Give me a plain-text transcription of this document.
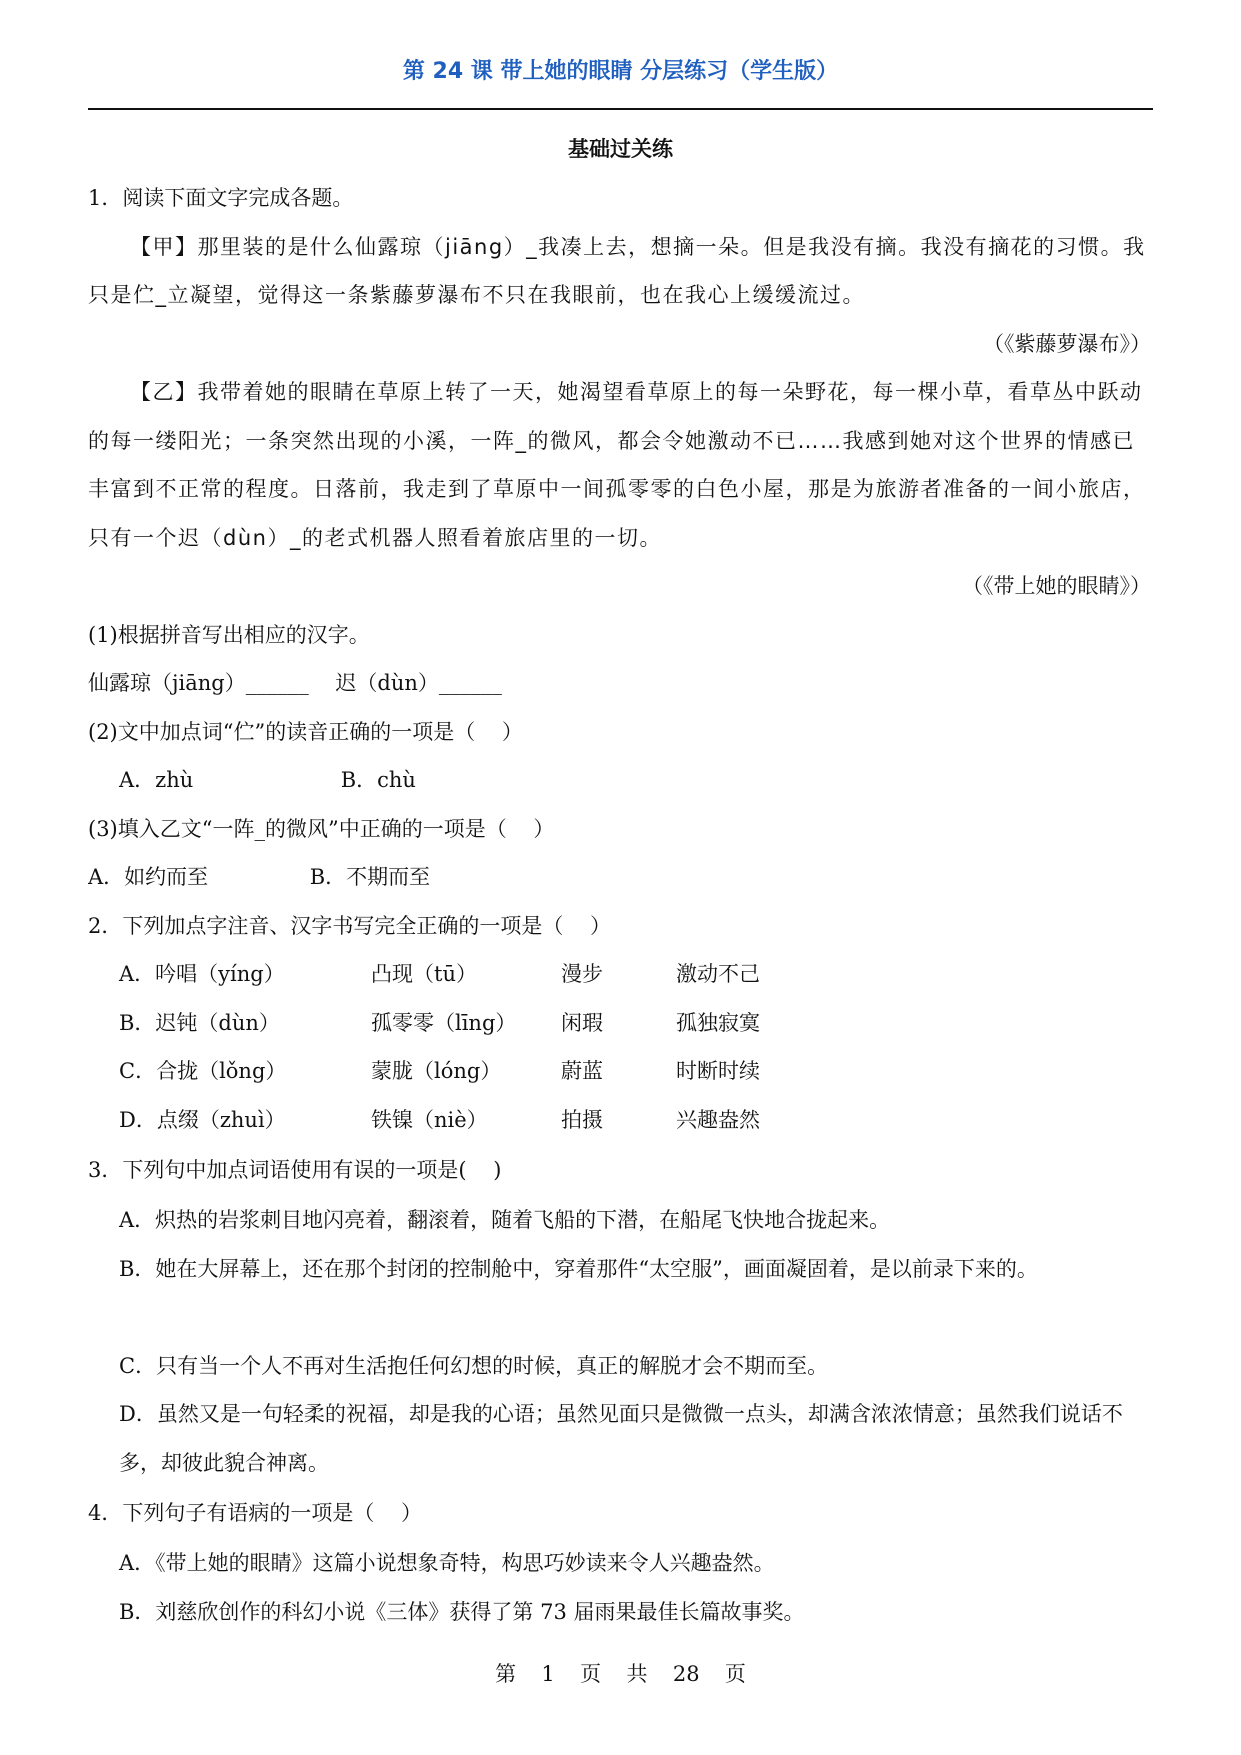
第 24 课 带上她的眼睛 分层练习（学生版）
基础过关练
1．阅读下面文字完成各题。
【甲】那里装的是什么仙露琼（jiāng）_我凑上去，想摘一朵。但是我没有摘。我没有摘花的习惯。我只是伫_立凝望，觉得这一条紫藤萝瀑布不只在我眼前，也在我心上缓缓流过。
（《紫藤萝瀑布》）
【乙】我带着她的眼睛在草原上转了一天，她渴望看草原上的每一朵野花，每一棵小草，看草丛中跃动的每一缕阳光；一条突然出现的小溪，一阵_的微风，都会令她激动不已……我感到她对这个世界的情感已丰富到不正常的程度。日落前，我走到了草原中一间孤零零的白色小屋，那是为旅游者准备的一间小旅店，只有一个迟（dùn）_的老式机器人照看着旅店里的一切。
（《带上她的眼睛》）
(1)根据拼音写出相应的汉字。
仙露琼（jiāng）______    迟（dùn）______
(2)文中加点词“伫”的读音正确的一项是（    ）
A．zhù	B．chù
(3)填入乙文“一阵_的微风”中正确的一项是（    ）
A．如约而至	B．不期而至
2．下列加点字注音、汉字书写完全正确的一项是（    ）
A．吟唱（yíng）	凸现（tū）	漫步	激动不己
B．迟钝（dùn）	孤零零（līng） 闲瑕	孤独寂寞
C．合拢（lǒng）	蒙胧（lóng）	蔚蓝	时断时续
D．点缀（zhuì）	铁镍（niè）	拍摄	兴趣盎然
3．下列句中加点词语使用有误的一项是(    )
A．炽热的岩浆刺目地闪亮着，翻滚着，随着飞船的下潜，在船尾飞快地合拢起来。
B．她在大屏幕上，还在那个封闭的控制舱中，穿着那件“太空服”，画面凝固着，是以前录下来的。
C．只有当一个人不再对生活抱任何幻想的时候，真正的解脱才会不期而至。
D．虽然又是一句轻柔的祝福，却是我的心语；虽然见面只是微微一点头，却满含浓浓情意；虽然我们说话不多，却彼此貌合神离。
4．下列句子有语病的一项是（    ）
A．《带上她的眼睛》这篇小说想象奇特，构思巧妙读来令人兴趣盎然。
B．刘慈欣创作的科幻小说《三体》获得了第 73 届雨果最佳长篇故事奖。
第  1  页  共  28  页
